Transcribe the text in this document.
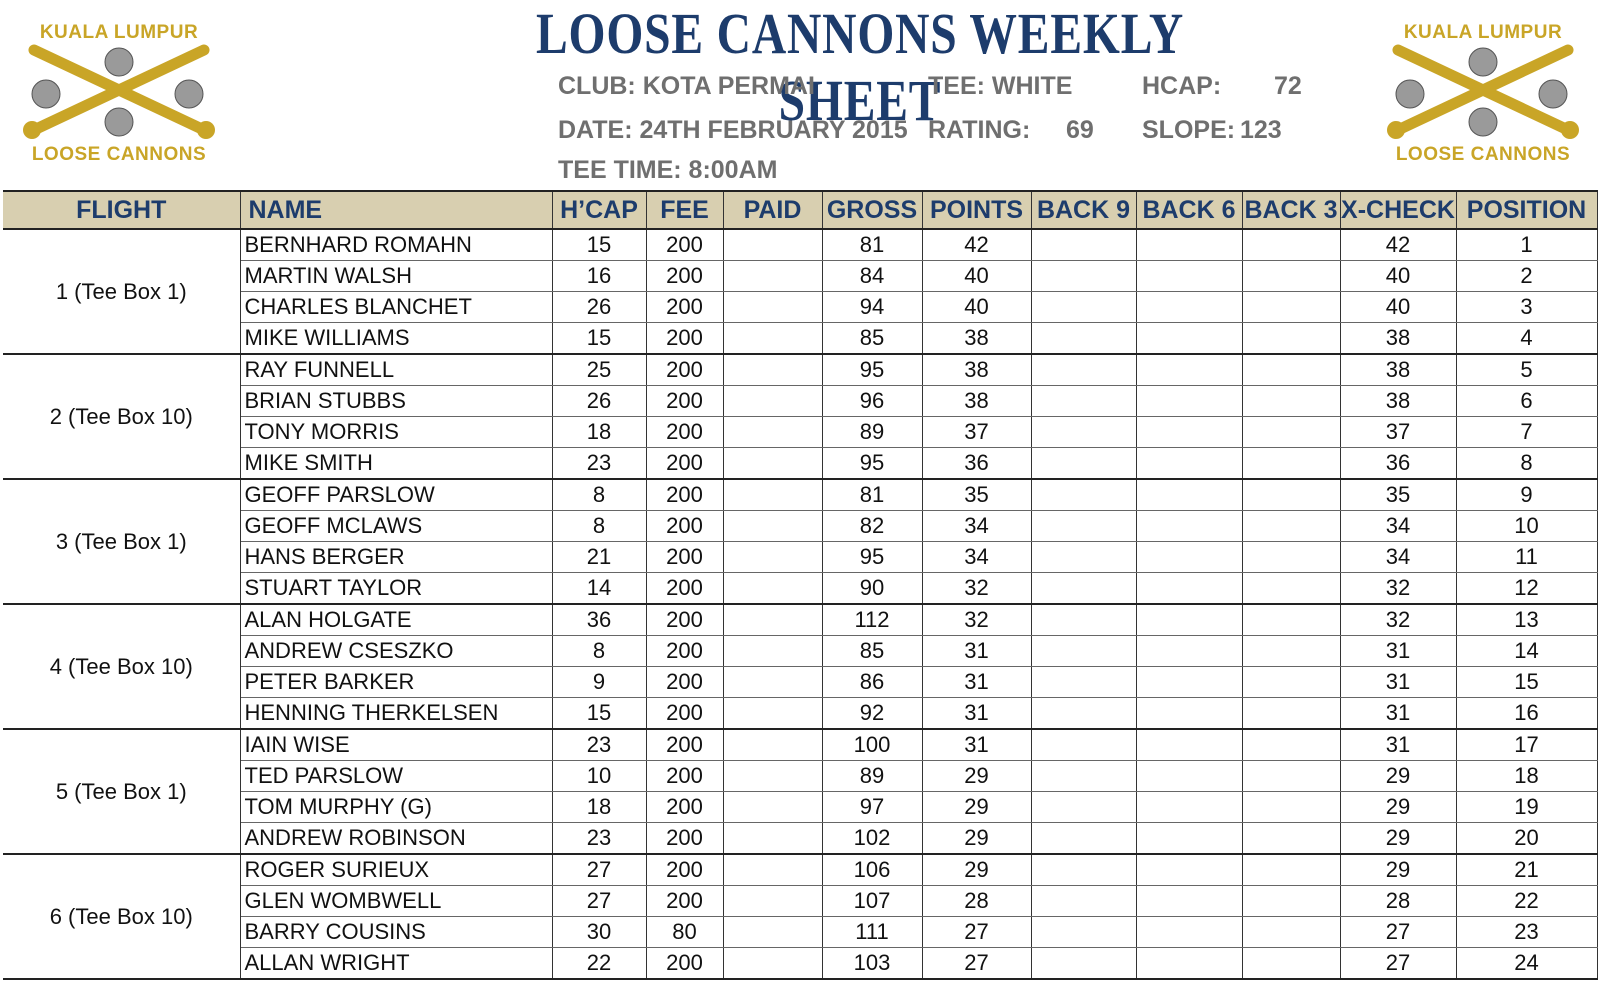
KUALA LUMPUR
LOOSE CANNONS
KUALA LUMPUR
LOOSE CANNONS
LOOSE CANNONS WEEKLY SHEET
CLUB: KOTA PERMAI	TEE: WHITE	HCAP: 72
DATE: 24TH FEBRUARY 2015 RATING: 69 SLOPE: 123
TEE TIME: 8:00AM
FLIGHT	NAME	H’CAP	FEE	PAID	GROSS	POINTS	BACK 9	BACK 6	BACK 3	X-CHECK	POSITION
1 (Tee Box 1)	BERNHARD ROMAHN	15	200		81	42				42	1
	MARTIN WALSH	16	200		84	40				40	2
	CHARLES BLANCHET	26	200		94	40				40	3
	MIKE WILLIAMS	15	200		85	38				38	4
2 (Tee Box 10)	RAY FUNNELL	25	200		95	38				38	5
	BRIAN STUBBS	26	200		96	38				38	6
	TONY MORRIS	18	200		89	37				37	7
	MIKE SMITH	23	200		95	36				36	8
3 (Tee Box 1)	GEOFF PARSLOW	8	200		81	35				35	9
	GEOFF MCLAWS	8	200		82	34				34	10
	HANS BERGER	21	200		95	34				34	11
	STUART TAYLOR	14	200		90	32				32	12
4 (Tee Box 10)	ALAN HOLGATE	36	200		112	32				32	13
	ANDREW CSESZKO	8	200		85	31				31	14
	PETER BARKER	9	200		86	31				31	15
	HENNING THERKELSEN	15	200		92	31				31	16
5 (Tee Box 1)	IAIN WISE	23	200		100	31				31	17
	TED PARSLOW	10	200		89	29				29	18
	TOM MURPHY (G)	18	200		97	29				29	19
	ANDREW ROBINSON	23	200		102	29				29	20
6 (Tee Box 10)	ROGER SURIEUX	27	200		106	29				29	21
	GLEN WOMBWELL	27	200		107	28				28	22
	BARRY COUSINS	30	80		111	27				27	23
	ALLAN WRIGHT	22	200		103	27				27	24
